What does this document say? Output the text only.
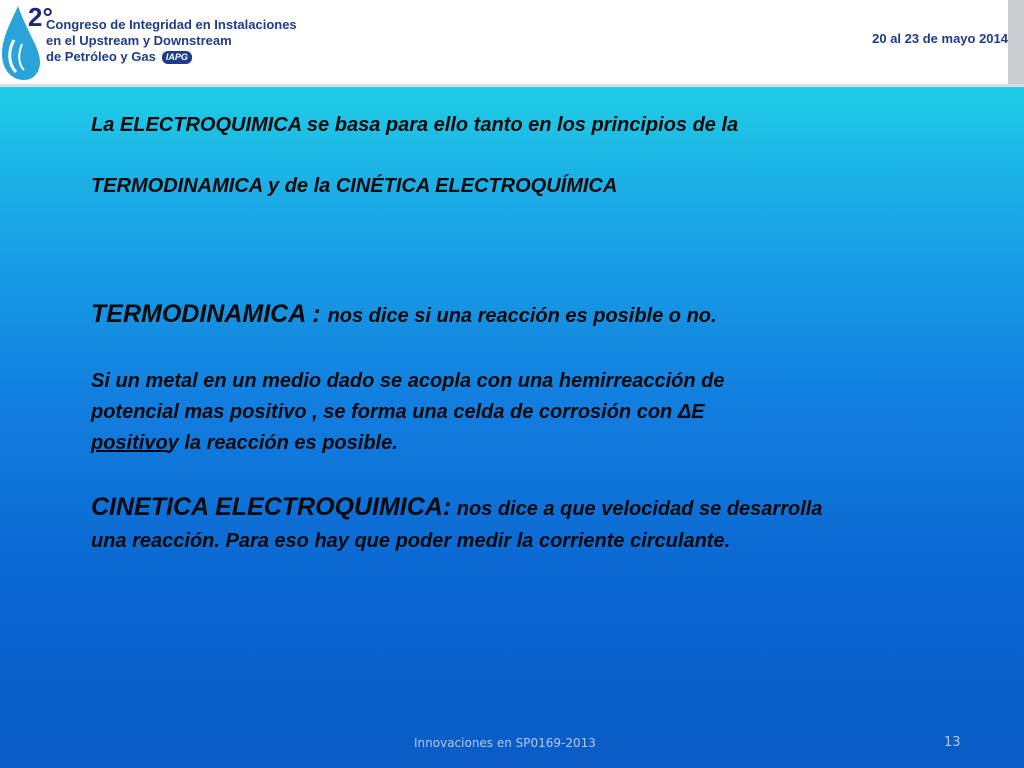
2°
Congreso de Integridad en Instalaciones
en el Upstream y Downstream
de Petróleo y Gas IAPG
20 al 23 de mayo 2014
La ELECTROQUIMICA se basa para ello tanto en los principios de la
TERMODINAMICA y de la CINÉTICA ELECTROQUÍMICA
TERMODINAMICA : nos dice si una reacción es posible o no.
Si un metal en un medio dado se acopla con una hemirreacción de
potencial mas positivo , se forma una celda de corrosión con ΔE
positivoy la reacción es posible.
CINETICA ELECTROQUIMICA: nos dice a que velocidad se desarrolla
una reacción. Para eso hay que poder medir la corriente circulante.
Innovaciones en SP0169-2013	13
